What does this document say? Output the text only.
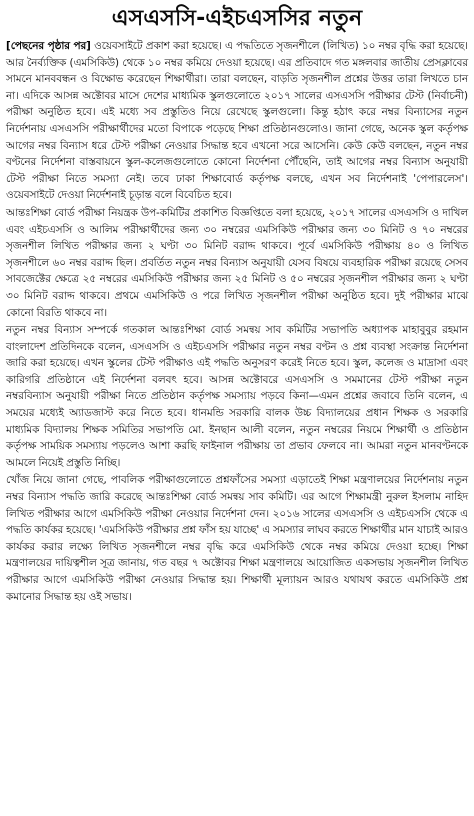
এসএসসি-এইচএসসির নতুন

[পেছনের পৃষ্ঠার পর] ওয়েবসাইটে প্রকাশ করা হয়েছে। এ পদ্ধতিতে সৃজনশীলে (লিখিত) ১০ নম্বর বৃদ্ধি করা হয়েছে। আর নৈর্ব্যক্তিক (এমসিকিউ) থেকে ১০ নম্বর কমিয়ে দেওয়া হয়েছে। এর প্রতিবাদে গত মঙ্গলবার জাতীয় প্রেসক্লাবের সামনে মানববন্ধন ও বিক্ষোভ করেছেন শিক্ষার্থীরা। তারা বলছেন, বাড়তি সৃজনশীল প্রশ্নের উত্তর তারা লিখতে চান না। এদিকে আসন্ন অক্টোবর মাসে দেশের মাধ্যমিক স্কুলগুলোতে ২০১৭ সালের এসএসসি পরীক্ষার টেস্ট (নির্বাচনী) পরীক্ষা অনুষ্ঠিত হবে। এই মধ্যে সব প্রস্তুতিও নিয়ে রেখেছে স্কুলগুলো। কিন্তু হঠাৎ করে নম্বর বিন্যাসের নতুন নির্দেশনায় এসএসসি পরীক্ষার্থীদের মতো বিপাকে পড়েছে শিক্ষা প্রতিষ্ঠানগুলোও। জানা গেছে, অনেক স্কুল কর্তৃপক্ষ আগের নম্বর বিন্যাস ধরে টেস্ট পরীক্ষা নেওয়ার সিদ্ধান্ত হবে এখনো সরে আসেনি। কেউ কেউ বলছেন, নতুন নম্বর বণ্টনের নির্দেশনা বাস্তবায়নে স্কুল-কলেজগুলোতে কোনো নির্দেশনা পৌঁছেনি, তাই আগের নম্বর বিন্যাস অনুযায়ী টেস্ট পরীক্ষা নিতে সমস্যা নেই। তবে ঢাকা শিক্ষাবোর্ড কর্তৃপক্ষ বলছে, এখন সব নির্দেশনাই 'পেপারলেস'। ওয়েবসাইটে দেওয়া নির্দেশনাই চূড়ান্ত বলে বিবেচিত হবে।

আন্তঃশিক্ষা বোর্ড পরীক্ষা নিয়ন্ত্রক উপ-কমিটির প্রকাশিত বিজ্ঞপ্তিতে বলা হয়েছে, ২০১৭ সালের এসএসসি ও দাখিল এবং এইচএসসি ও আলিম পরীক্ষার্থীদের জন্য ৩০ নম্বরের এমসিকিউ পরীক্ষার জন্য ৩০ মিনিট ও ৭০ নম্বরের সৃজনশীল লিখিত পরীক্ষার জন্য ২ ঘণ্টা ৩০ মিনিট বরাদ্দ থাকবে। পূর্বে এমসিকিউ পরীক্ষায় ৪০ ও লিখিত সৃজনশীলে ৬০ নম্বর বরাদ্দ ছিল। প্রবর্তিত নতুন নম্বর বিন্যাস অনুযায়ী যেসব বিষয়ে ব্যবহারিক পরীক্ষা রয়েছে সেসব সাবজেক্টের ক্ষেত্রে ২৫ নম্বরের এমসিকিউ পরীক্ষার জন্য ২৫ মিনিট ও ৫০ নম্বরের সৃজনশীল পরীক্ষার জন্য ২ ঘণ্টা ৩০ মিনিট বরাদ্দ থাকবে। প্রথমে এমসিকিউ ও পরে লিখিত সৃজনশীল পরীক্ষা অনুষ্ঠিত হবে। দুই পরীক্ষার মাঝে কোনো বিরতি থাকবে না।

নতুন নম্বর বিন্যাস সম্পর্কে গতকাল আন্তঃশিক্ষা বোর্ড সমন্বয় সাব কমিটির সভাপতি অধ্যাপক মাহাবুবুর রহমান বাংলাদেশ প্রতিদিনকে বলেন, এসএসসি ও এইচএসসি পরীক্ষার নতুন নম্বর বণ্টন ও প্রশ্ন ব্যবস্থা সংক্রান্ত নির্দেশনা জারি করা হয়েছে। এখন স্কুলের টেস্ট পরীক্ষাও এই পদ্ধতি অনুসরণ করেই নিতে হবে। স্কুল, কলেজ ও মাদ্রাসা এবং কারিগরি প্রতিষ্ঠানে এই নির্দেশনা বলবৎ হবে। আসন্ন অক্টোবরে এসএসসি ও সমমানের টেস্ট পরীক্ষা নতুন নম্বরবিন্যাস অনুযায়ী পরীক্ষা নিতে প্রতিষ্ঠান কর্তৃপক্ষ সমস্যায় পড়বে কিনা—এমন প্রশ্নের জবাবে তিনি বলেন, এ সময়ের মধ্যেই অ্যাডজাস্ট করে নিতে হবে। ধানমন্ডি সরকারি বালক উচ্চ বিদ্যালয়ের প্রধান শিক্ষক ও সরকারি মাধ্যমিক বিদ্যালয় শিক্ষক সমিতির সভাপতি মো. ইনছান আলী বলেন, নতুন নম্বরের নিয়মে শিক্ষার্থী ও প্রতিষ্ঠান কর্তৃপক্ষ সাময়িক সমস্যায় পড়লেও আশা করছি ফাইনাল পরীক্ষায় তা প্রভাব ফেলবে না। আমরা নতুন মানবণ্টনকে আমলে নিয়েই প্রস্তুতি নিচ্ছি।

খোঁজ নিয়ে জানা গেছে, পাবলিক পরীক্ষাগুলোতে প্রশ্নফাঁসের সমস্যা এড়াতেই শিক্ষা মন্ত্রণালয়ের নির্দেশনায় নতুন নম্বর বিন্যাস পদ্ধতি জারি করেছে আন্তঃশিক্ষা বোর্ড সমন্বয় সাব কমিটি। এর আগে শিক্ষামন্ত্রী নুরুল ইসলাম নাহিদ লিখিত পরীক্ষার আগে এমসিকিউ পরীক্ষা নেওয়ার নির্দেশনা দেন। ২০১৬ সালের এসএসসি ও এইচএসসি থেকে এ পদ্ধতি কার্যকর হয়েছে। 'এমসিকিউ পরীক্ষার প্রশ্ন ফাঁস হয় যাচ্ছে' এ সমস্যার লাঘব করতে শিক্ষার্থীর মান যাচাই আরও কার্যকর করার লক্ষ্যে লিখিত সৃজনশীলে নম্বর বৃদ্ধি করে এমসিকিউ থেকে নম্বর কমিয়ে দেওয়া হচ্ছে। শিক্ষা মন্ত্রণালয়ের দায়িত্বশীল সূত্র জানায়, গত বছর ৭ অক্টোবর শিক্ষা মন্ত্রণালয়ে আয়োজিত একসভায় সৃজনশীল লিখিত পরীক্ষার আগে এমসিকিউ পরীক্ষা নেওয়ার সিদ্ধান্ত হয়। শিক্ষার্থী মূল্যায়ন আরও যথাযথ করতে এমসিকিউ প্রশ্ন কমানোর সিদ্ধান্ত হয় ওই সভায়।
